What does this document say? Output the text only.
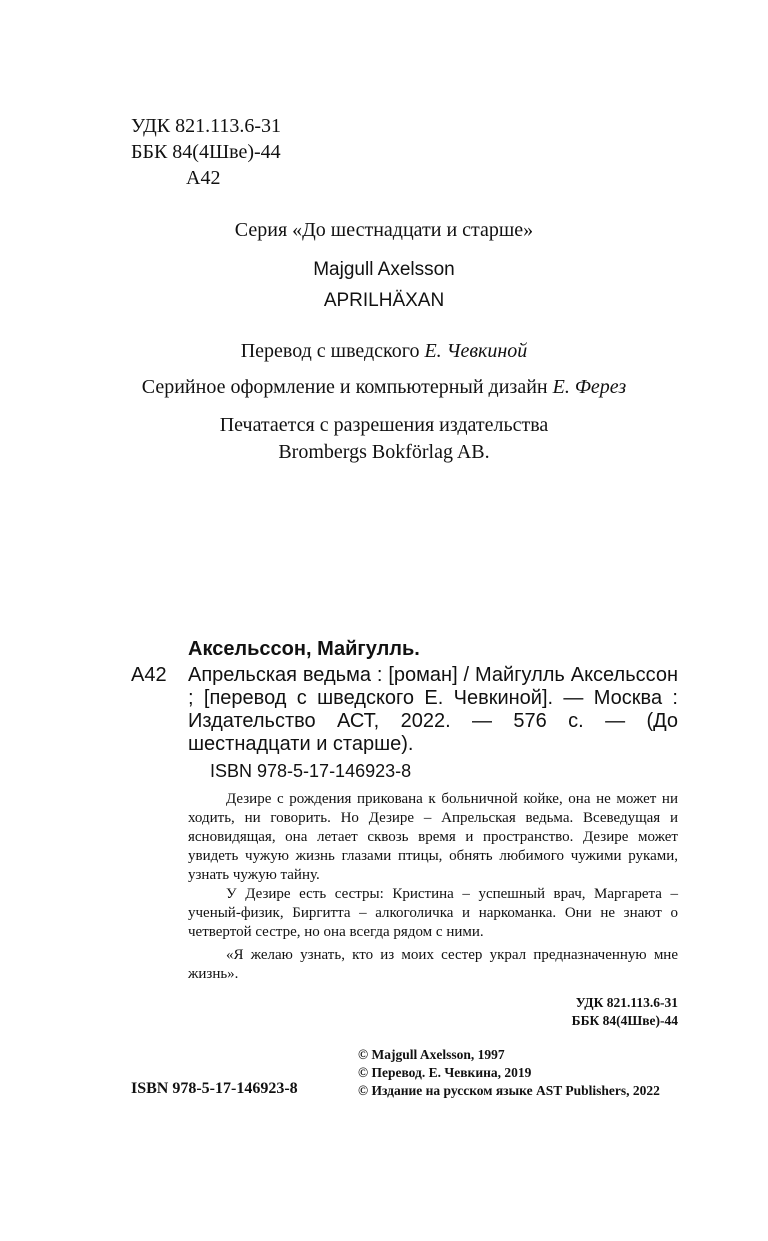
УДК 821.113.6-31
ББК 84(4Шве)-44
А42
Серия «До шестнадцати и старше»
Majgull Axelsson
APRILHÄXAN
Перевод с шведского Е. Чевкиной
Серийное оформление и компьютерный дизайн Е. Ферез
Печатается с разрешения издательства
Brombergs Bokförlag AB.
Аксельссон, Майгулль.
А42 Апрельская ведьма : [роман] / Майгулль Аксельссон ; [перевод с шведского Е. Чевкиной]. — Москва : Издательство АСТ, 2022. — 576 с. — (До шестнадцати и старше).
ISBN 978-5-17-146923-8

Дезире с рождения прикована к больничной койке, она не может ни ходить, ни говорить. Но Дезире – Апрельская ведьма. Всеведущая и ясновидящая, она летает сквозь время и пространство. Дезире может увидеть чужую жизнь глазами птицы, обнять любимого чужими руками, узнать чужую тайну.

У Дезире есть сестры: Кристина – успешный врач, Маргарета – ученый-физик, Биргитта – алкоголичка и наркоманка. Они не знают о четвертой сестре, но она всегда рядом с ними.

«Я желаю узнать, кто из моих сестер украл предназначенную мне жизнь».

УДК 821.113.6-31
ББК 84(4Шве)-44
© Majgull Axelsson, 1997
© Перевод. Е. Чевкина, 2019
© Издание на русском языке AST Publishers, 2022
ISBN 978-5-17-146923-8
